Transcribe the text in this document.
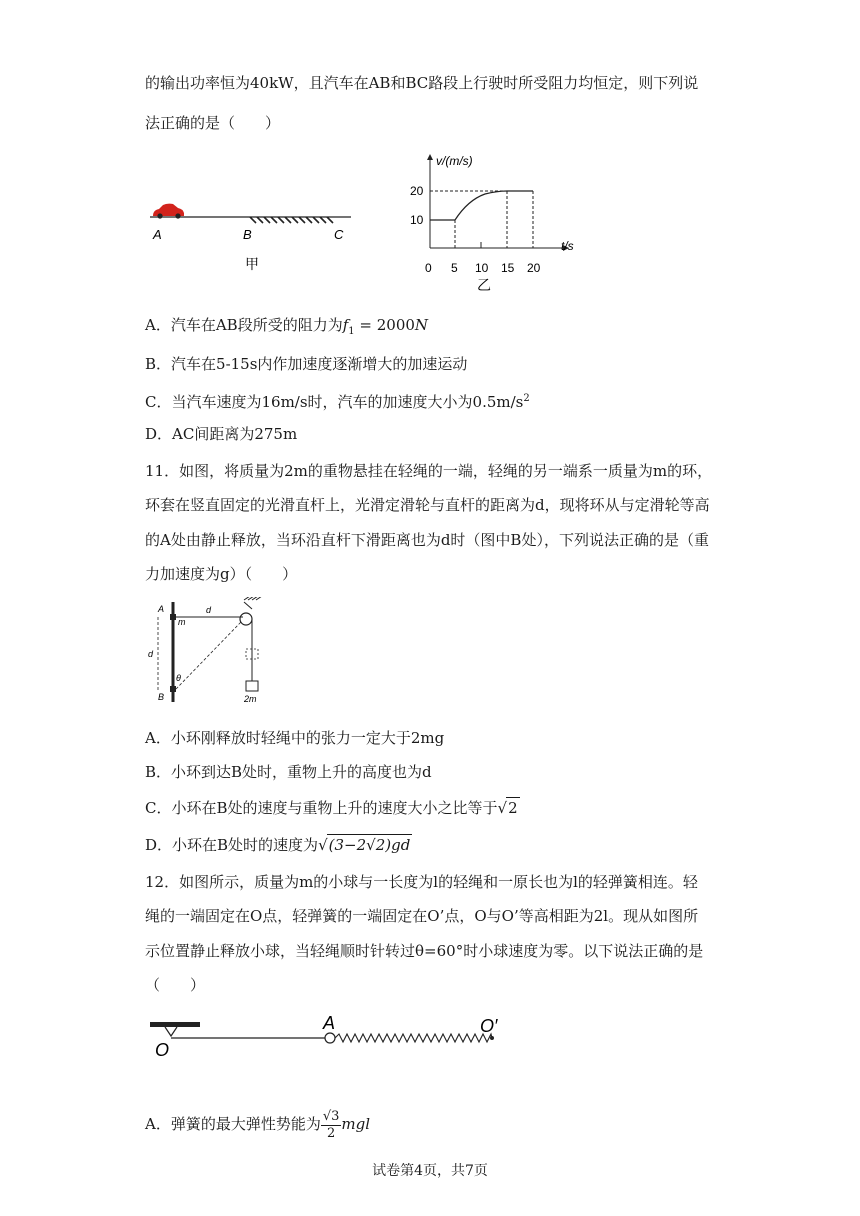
的输出功率恒为40kW，且汽车在AB和BC路段上行驶时所受阻力均恒定，则下列说
法正确的是（　　）
A	B	C
甲
v/(m/s)
t/s
20
10
0 5 10 15 20
乙
A．汽车在AB段所受的阻力为$f_1 = 2000N$
B．汽车在5-15s内作加速度逐渐增大的加速运动
C．当汽车速度为16m/s时，汽车的加速度大小为$0.5m/s^2$
D．AC间距离为275m
11．如图，将质量为2m的重物悬挂在轻绳的一端，轻绳的另一端系一质量为m的环，
环套在竖直固定的光滑直杆上，光滑定滑轮与直杆的距离为d，现将环从与定滑轮等高
的A处由静止释放，当环沿直杆下滑距离也为d时（图中B处），下列说法正确的是（重
力加速度为g）（　　）
A
m
d
d
θ
B	2m
A．小环刚释放时轻绳中的张力一定大于2mg
B．小环到达B处时，重物上升的高度也为d
C．小环在B处的速度与重物上升的速度大小之比等于√2
D．小环在B处时的速度为√(3−2√2)gd
12．如图所示，质量为m的小球与一长度为l的轻绳和一原长也为l的轻弹簧相连。轻
绳的一端固定在O点，轻弹簧的一端固定在O’点，O与O’等高相距为2l。现从如图所
示位置静止释放小球，当轻绳顺时针转过θ=60°时小球速度为零。以下说法正确的是
（　　）
O
A	O′
A．弹簧的最大弹性势能为 $\frac{√3}{2}$ mgl
试卷第4页，共7页
